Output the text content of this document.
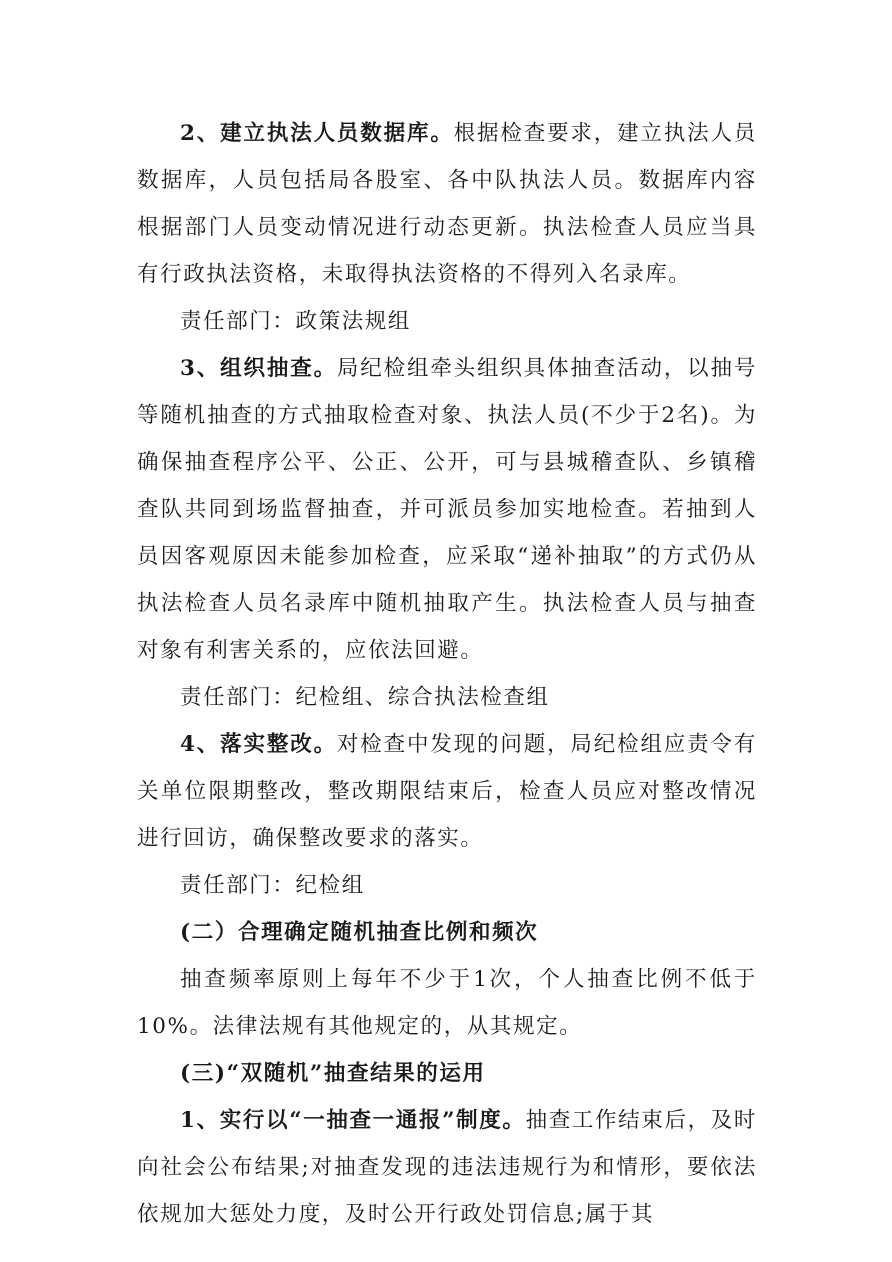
2、建立执法人员数据库。根据检查要求，建立执法人员数据库，人员包括局各股室、各中队执法人员。数据库内容根据部门人员变动情况进行动态更新。执法检查人员应当具有行政执法资格，未取得执法资格的不得列入名录库。

责任部门：政策法规组

3、组织抽查。局纪检组牵头组织具体抽查活动，以抽号等随机抽查的方式抽取检查对象、执法人员(不少于2名)。为确保抽查程序公平、公正、公开，可与县城稽查队、乡镇稽查队共同到场监督抽查，并可派员参加实地检查。若抽到人员因客观原因未能参加检查，应采取“递补抽取”的方式仍从执法检查人员名录库中随机抽取产生。执法检查人员与抽查对象有利害关系的，应依法回避。

责任部门：纪检组、综合执法检查组

4、落实整改。对检查中发现的问题，局纪检组应责令有关单位限期整改，整改期限结束后，检查人员应对整改情况进行回访，确保整改要求的落实。

责任部门：纪检组

(二）合理确定随机抽查比例和频次

抽查频率原则上每年不少于1次，个人抽查比例不低于10%。法律法规有其他规定的，从其规定。

(三)“双随机”抽查结果的运用

1、实行以“一抽查一通报”制度。抽查工作结束后，及时向社会公布结果;对抽查发现的违法违规行为和情形，要依法依规加大惩处力度，及时公开行政处罚信息;属于其
